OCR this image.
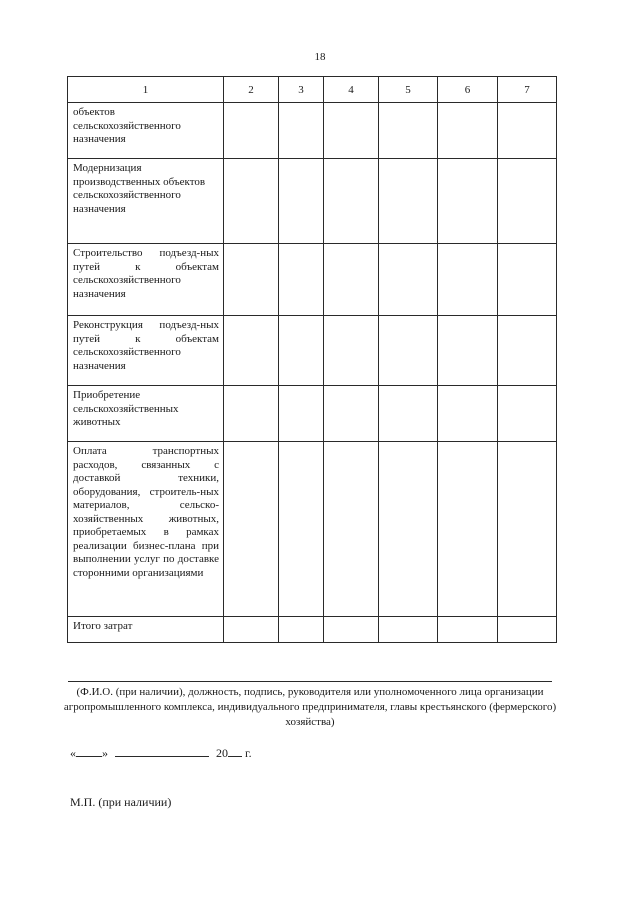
18
1	2	3	4	5	6	7
объектов сельскохозяйственного назначения						
Модернизация производственных объектов сельскохозяйственного назначения						
Строительство подъезд-ных путей к объектам сельскохозяйственного назначения						
Реконструкция подъезд-ных путей к объектам сельскохозяйственного назначения						
Приобретение сельскохозяйственных животных						
Оплата транспортных расходов, связанных с доставкой техники, оборудования, строитель-ных материалов, сельско-хозяйственных животных, приобретаемых в рамках реализации бизнес-плана при выполнении услуг по доставке сторонними организациями						
Итого затрат						
(Ф.И.О. (при наличии), должность, подпись, руководителя или уполномоченного лица организации агропромышленного комплекса, индивидуального предпринимателя, главы крестьянского (фермерского) хозяйства)
« »	20 г.
М.П. (при наличии)
